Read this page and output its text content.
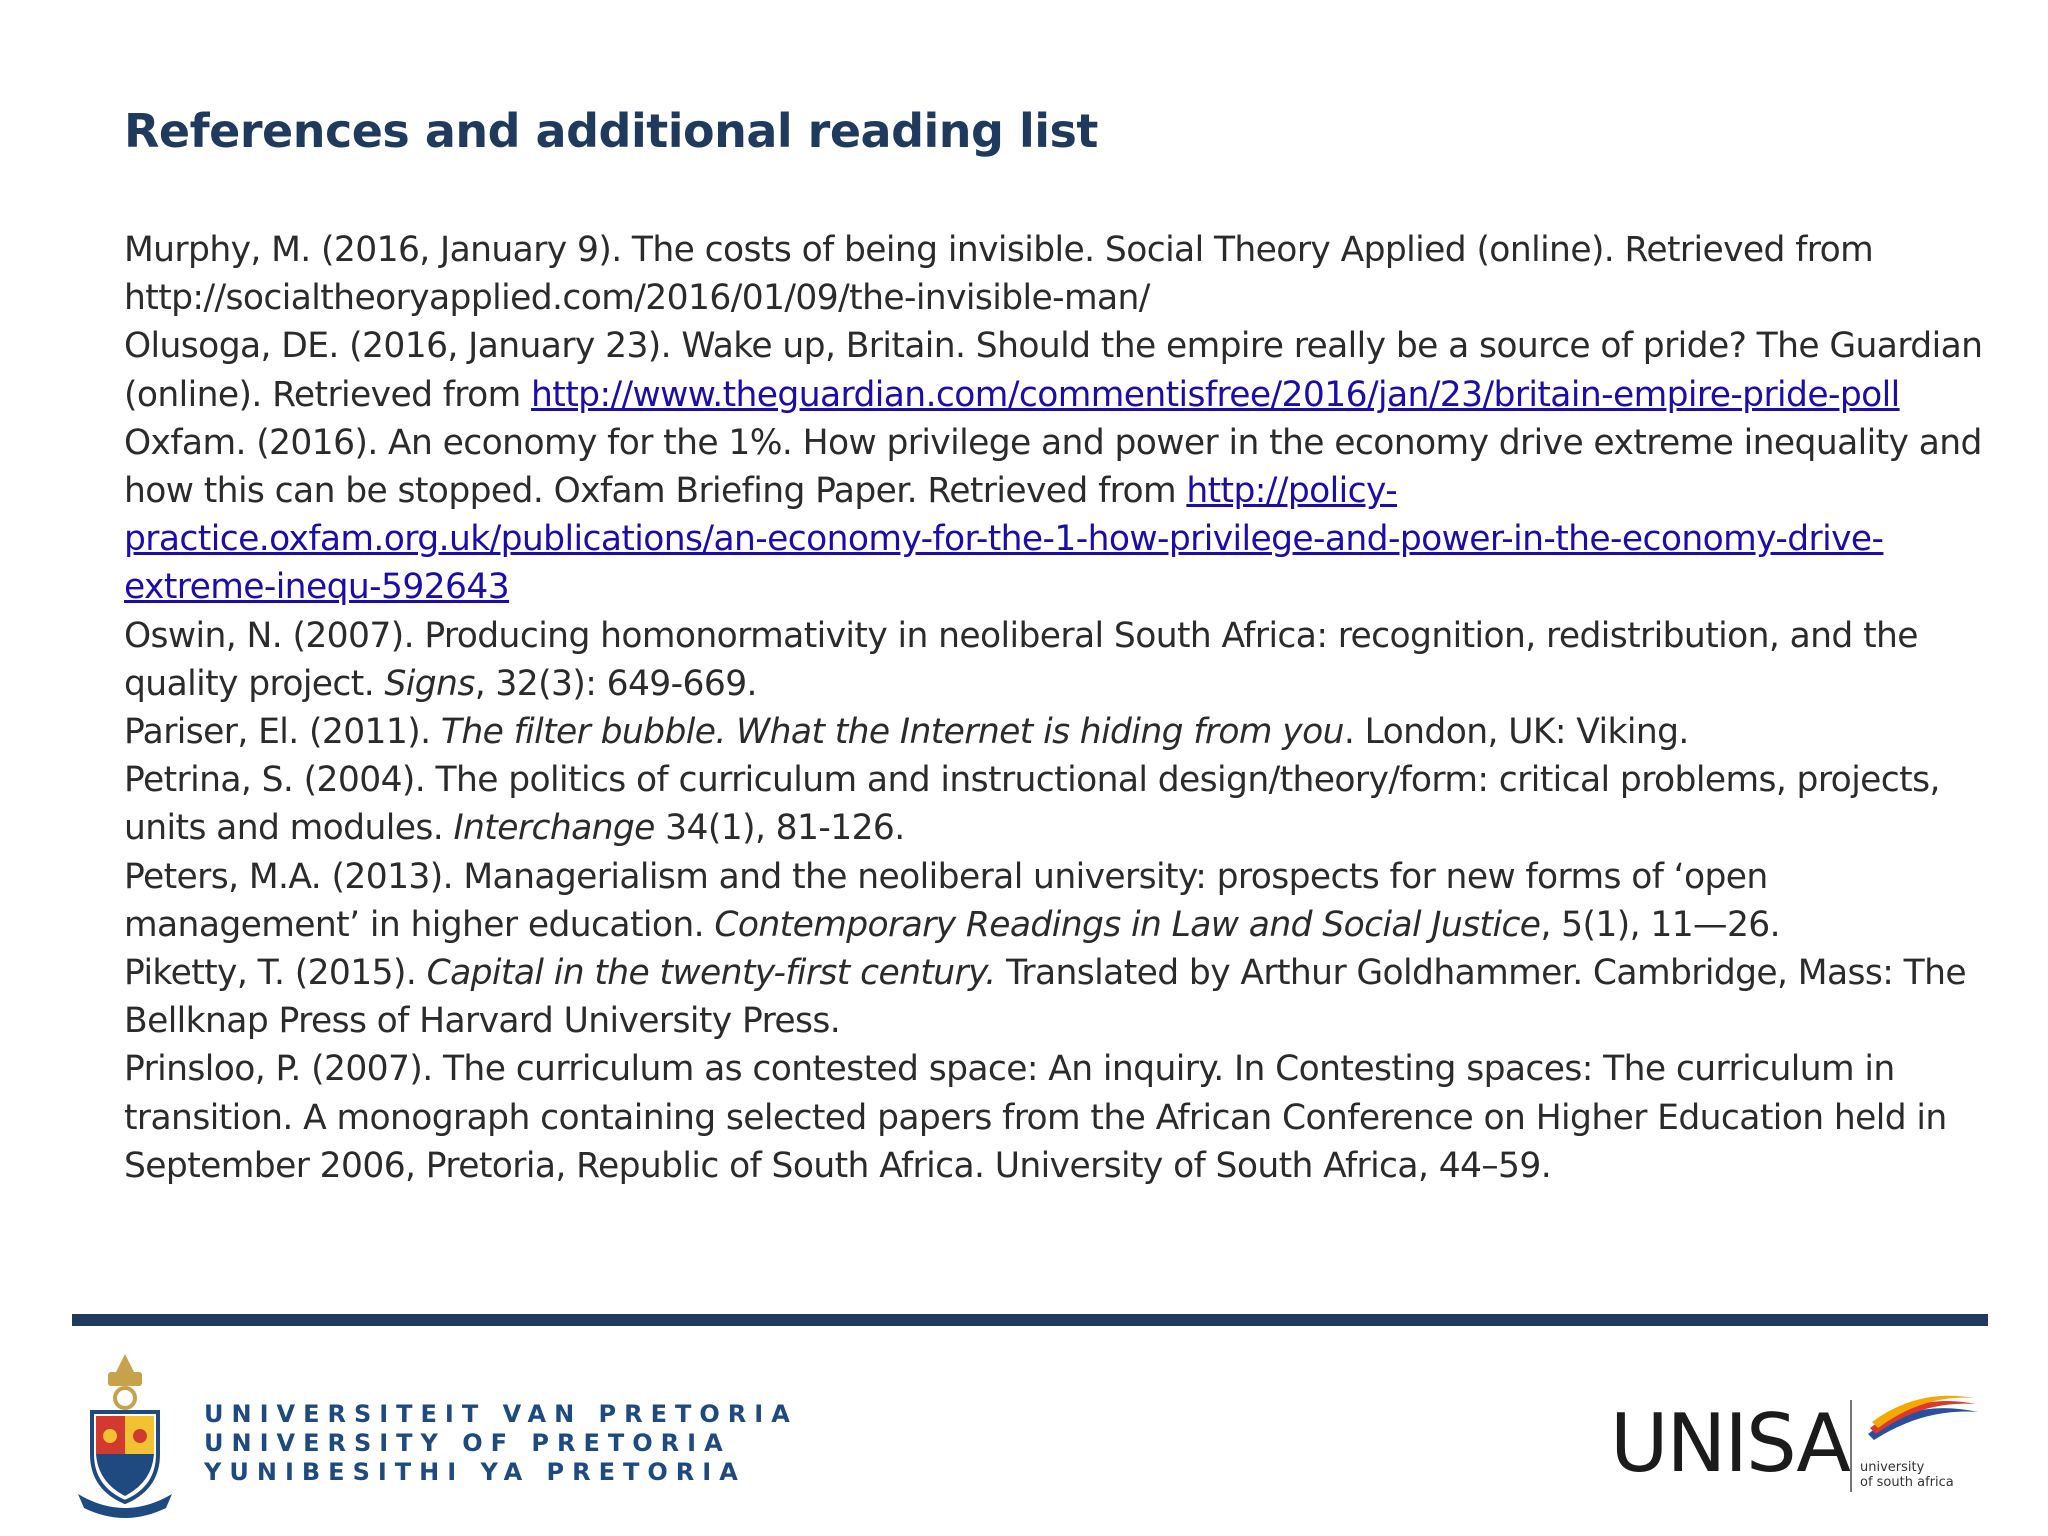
References and additional reading list

Murphy, M. (2016, January 9). The costs of being invisible. Social Theory Applied (online). Retrieved from http://socialtheoryapplied.com/2016/01/09/the-invisible-man/

Olusoga, DE. (2016, January 23). Wake up, Britain. Should the empire really be a source of pride? The Guardian (online). Retrieved from http://www.theguardian.com/commentisfree/2016/jan/23/britain-empire-pride-poll

Oxfam. (2016). An economy for the 1%. How privilege and power in the economy drive extreme inequality and how this can be stopped. Oxfam Briefing Paper. Retrieved from http://policy-practice.oxfam.org.uk/publications/an-economy-for-the-1-how-privilege-and-power-in-the-economy-drive-extreme-inequ-592643

Oswin, N. (2007). Producing homonormativity in neoliberal South Africa: recognition, redistribution, and the quality project. Signs, 32(3): 649-669.

Pariser, El. (2011). The filter bubble. What the Internet is hiding from you. London, UK: Viking.

Petrina, S. (2004). The politics of curriculum and instructional design/theory/form: critical problems, projects, units and modules. Interchange 34(1), 81-126.

Peters, M.A. (2013). Managerialism and the neoliberal university: prospects for new forms of ‘open management’ in higher education. Contemporary Readings in Law and Social Justice, 5(1), 11—26.

Piketty, T. (2015). Capital in the twenty-first century. Translated by Arthur Goldhammer. Cambridge, Mass: The Bellknap Press of Harvard University Press.

Prinsloo, P. (2007). The curriculum as contested space: An inquiry. In Contesting spaces: The curriculum in transition. A monograph containing selected papers from the African Conference on Higher Education held in September 2006, Pretoria, Republic of South Africa. University of South Africa, 44–59.

UNIVERSITEIT VAN PRETORIA
UNIVERSITY OF PRETORIA
YUNIBESITHI YA PRETORIA	UNISA university
of south africa
